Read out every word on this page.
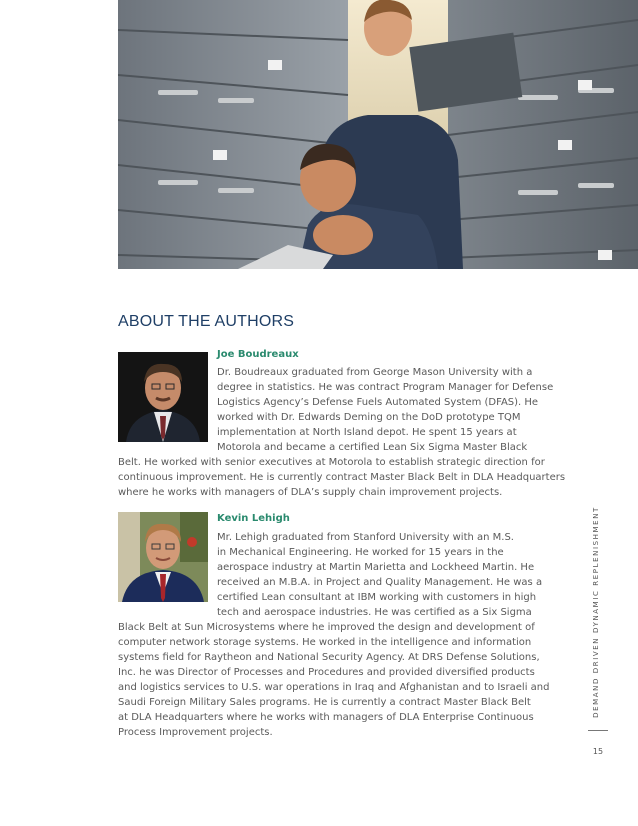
ABOUT THE AUTHORS

Joe Boudreaux

Dr. Boudreaux graduated from George Mason University with a
degree in statistics. He was contract Program Manager for Defense
Logistics Agency’s Defense Fuels Automated System (DFAS). He
worked with Dr. Edwards Deming on the DoD prototype TQM
implementation at North Island depot. He spent 15 years at
Motorola and became a certified Lean Six Sigma Master Black
Belt. He worked with senior executives at Motorola to establish strategic direction for
continuous improvement. He is currently contract Master Black Belt in DLA Headquarters
where he works with managers of DLA’s supply chain improvement projects.

Kevin Lehigh

Mr. Lehigh graduated from Stanford University with an M.S.
in Mechanical Engineering. He worked for 15 years in the
aerospace industry at Martin Marietta and Lockheed Martin. He
received an M.B.A. in Project and Quality Management. He was a
certified Lean consultant at IBM working with customers in high
tech and aerospace industries. He was certified as a Six Sigma
Black Belt at Sun Microsystems where he improved the design and development of
computer network storage systems. He worked in the intelligence and information
systems field for Raytheon and National Security Agency. At DRS Defense Solutions,
Inc. he was Director of Processes and Procedures and provided diversified products
and logistics services to U.S. war operations in Iraq and Afghanistan and to Israeli and
Saudi Foreign Military Sales programs. He is currently a contract Master Black Belt
at DLA Headquarters where he works with managers of DLA Enterprise Continuous
Process Improvement projects.
DEMAND DRIVEN DYNAMIC REPLENISHMENT
15
